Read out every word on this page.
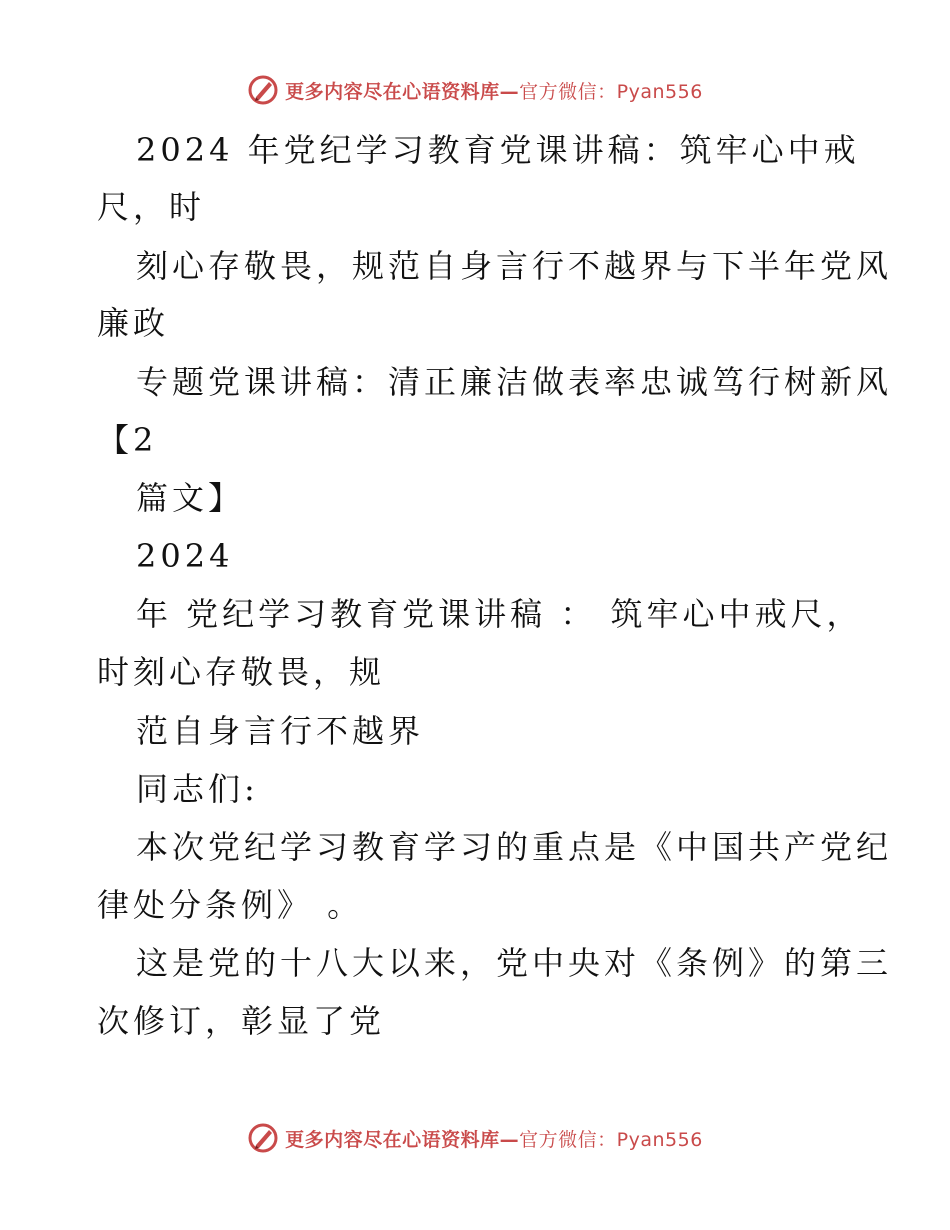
更多内容尽在心语资料库— 官方微信：Pyan556
2024 年党纪学习教育党课讲稿：筑牢心中戒
尺，时
刻心存敬畏，规范自身言行不越界与下半年党风
廉政
专题党课讲稿：清正廉洁做表率忠诚笃行树新风
【2
篇文】
2024
年 党纪学习教育党课讲稿 ： 筑牢心中戒尺，
时刻心存敬畏，规
范自身言行不越界
同志们:
本次党纪学习教育学习的重点是《中国共产党纪
律处分条例》 。
这是党的十八大以来，党中央对《条例》的第三
次修订，彰显了党
更多内容尽在心语资料库— 官方微信：Pyan556
